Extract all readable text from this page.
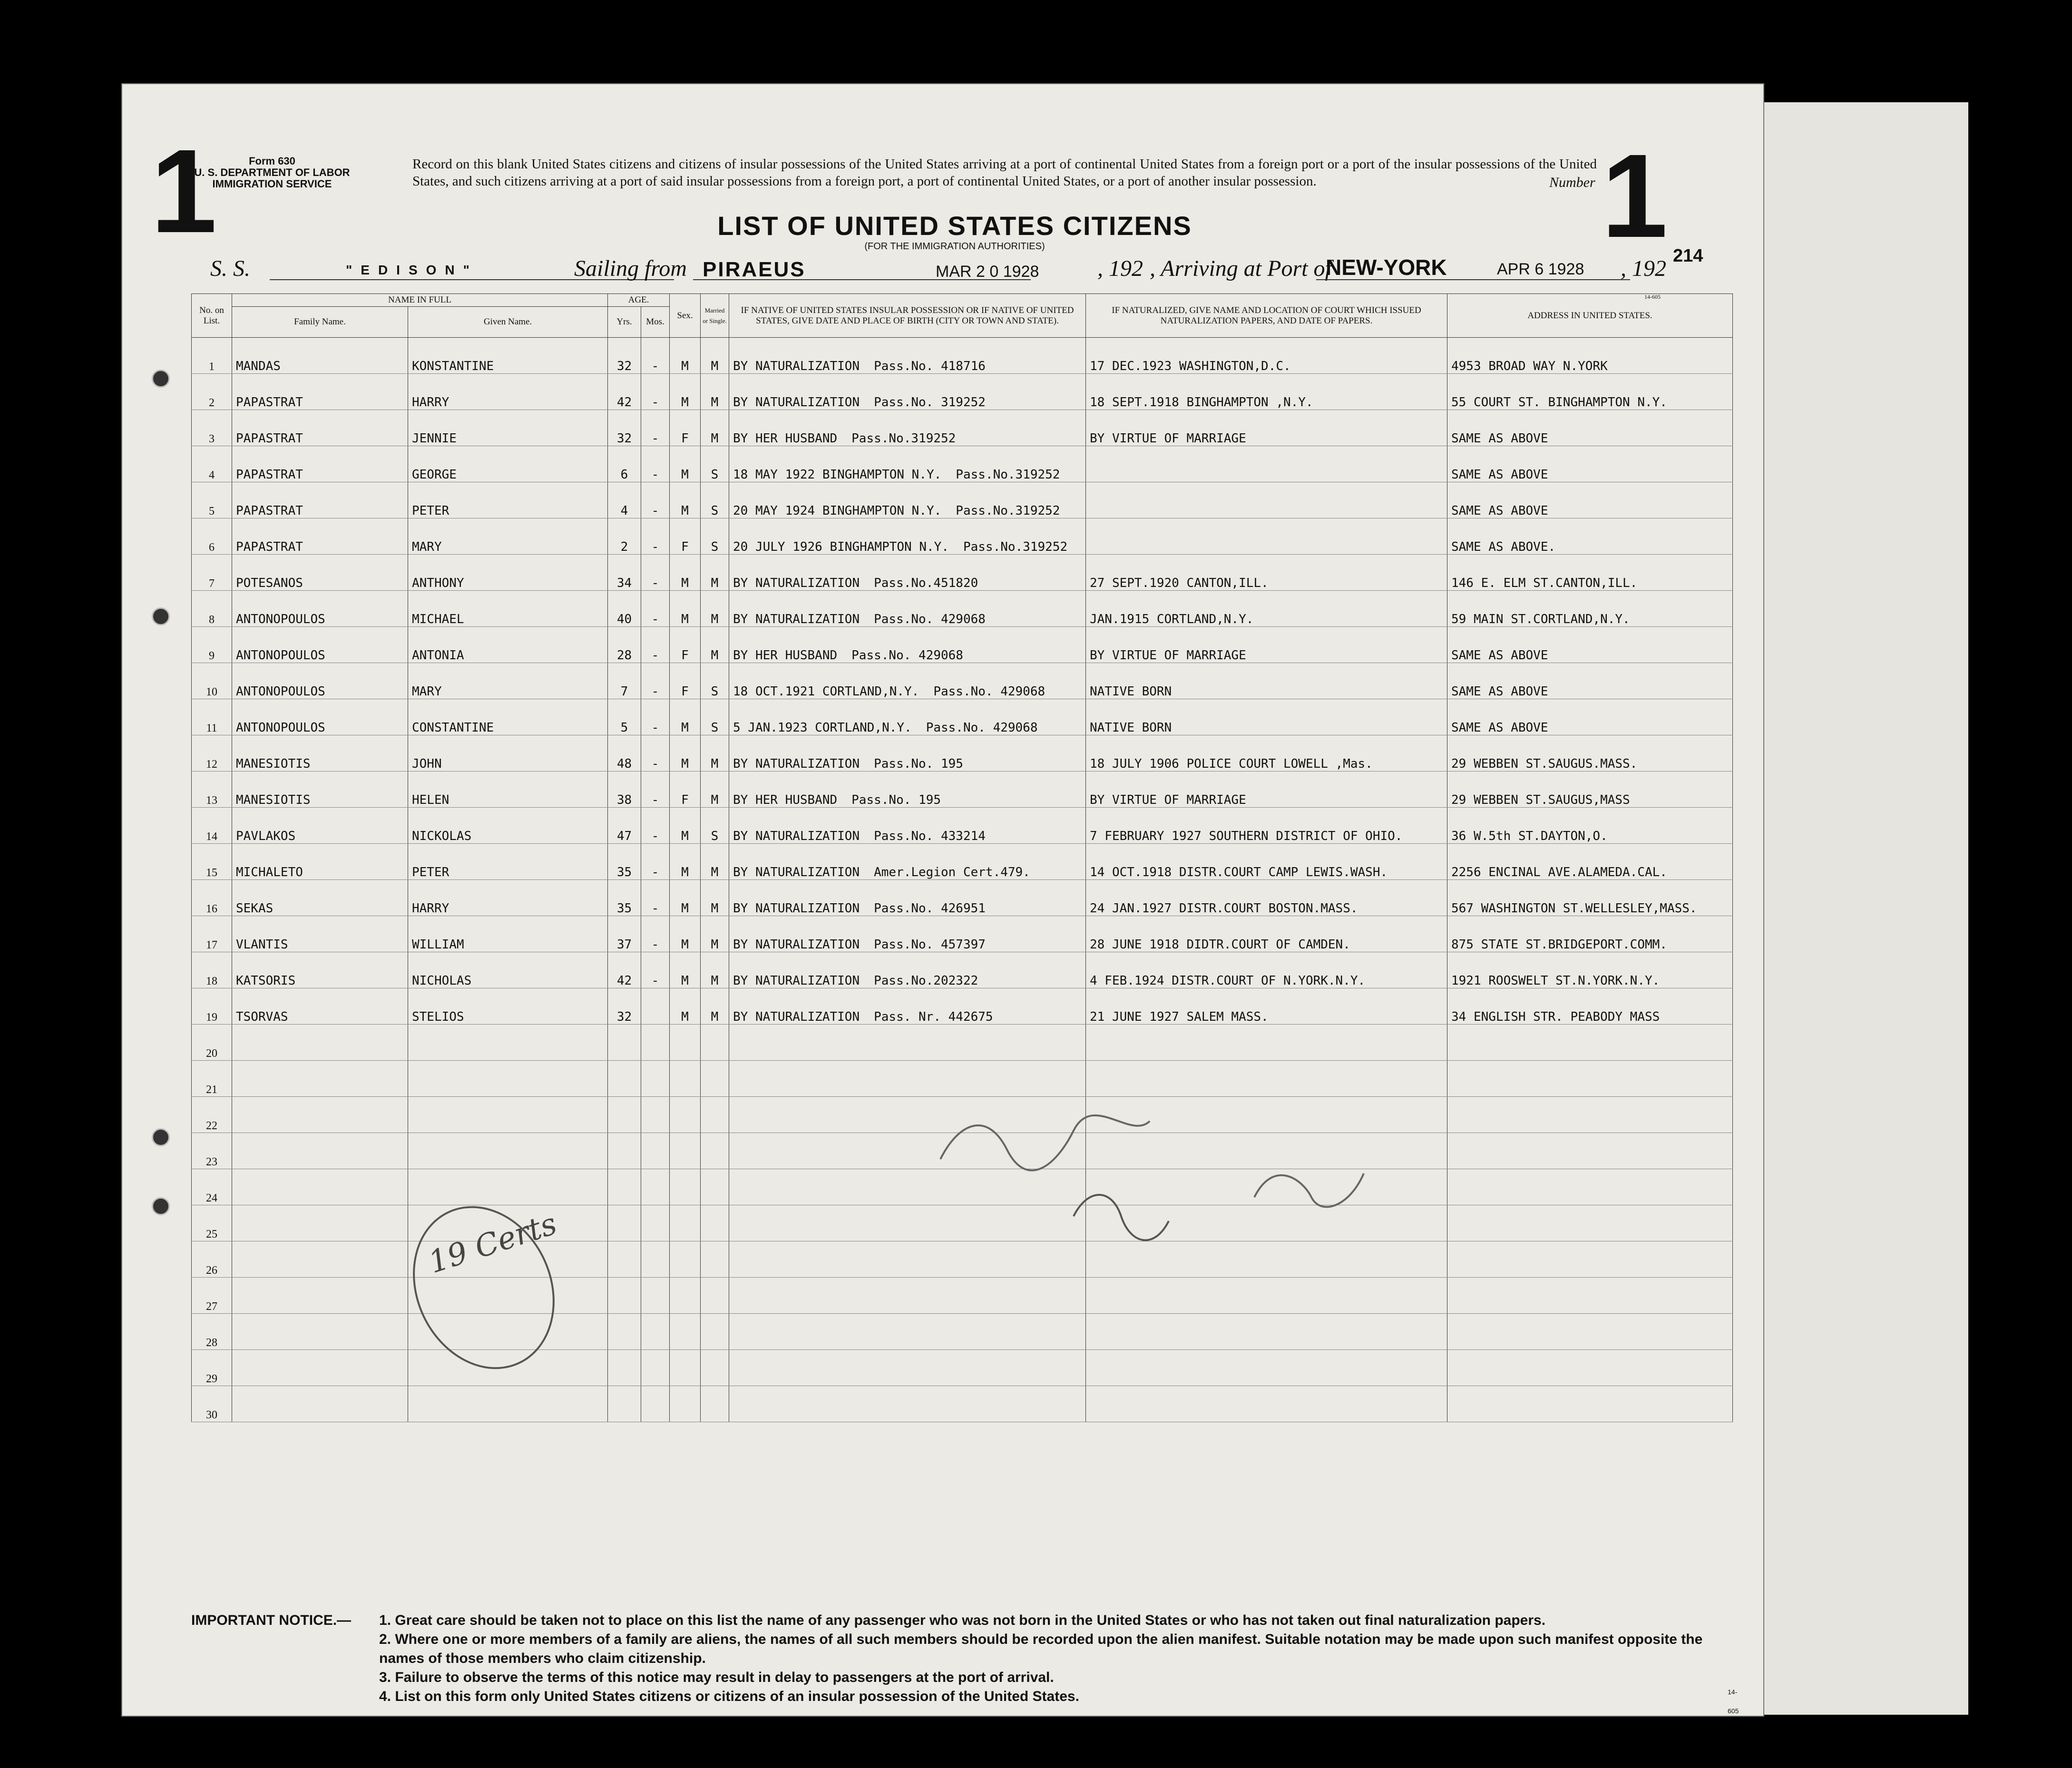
1	Form 630
U. S. DEPARTMENT OF LABOR
IMMIGRATION SERVICE
Record on this blank United States citizens and citizens of insular possessions of the United States arriving at a port of continental United States from a foreign port or a port of the insular possessions of the United States, and such citizens arriving at a port of said insular possessions from a foreign port, a port of continental United States, or a port of another insular possession.	Number 1
LIST OF UNITED STATES CITIZENS
(FOR THE IMMIGRATION AUTHORITIES)	214
S. S.	"EDISON"	Sailing from PIRAEUS	MAR 2 0 1928	, 192 , Arriving at Port of
NEW-YORK	APR 6 1928 , 192
14-605
No. on List.	NAME IN FULL		AGE.		Sex.	Married or Single.	IF NATIVE OF UNITED STATES INSULAR POSSESSION OR IF NATIVE OF UNITED STATES, GIVE DATE AND PLACE OF BIRTH (CITY OR TOWN AND STATE).	IF NATURALIZED, GIVE NAME AND LOCATION OF COURT WHICH ISSUED NATURALIZATION PAPERS, AND DATE OF PAPERS.	ADDRESS IN UNITED STATES.
	Family Name.	Given Name.	Yrs.	Mos.					
1	MANDAS	KONSTANTINE	32	-	M	M	BY NATURALIZATION Pass.No. 418716	17 DEC.1923 WASHINGTON,D.C.	4953 BROAD WAY N.YORK
2	PAPASTRAT	HARRY	42	-	M	M	BY NATURALIZATION Pass.No. 319252	18 SEPT.1918 BINGHAMPTON ,N.Y.	55 COURT ST. BINGHAMPTON N.Y.
3	PAPASTRAT	JENNIE	32	-	F	M	BY HER HUSBAND Pass.No.319252	BY VIRTUE OF MARRIAGE	SAME AS ABOVE
4	PAPASTRAT	GEORGE	6	-	M	S	18 MAY 1922 BINGHAMPTON N.Y. Pass.No.319252		SAME AS ABOVE
5	PAPASTRAT	PETER	4	-	M	S	20 MAY 1924 BINGHAMPTON N.Y. Pass.No.319252		SAME AS ABOVE
6	PAPASTRAT	MARY	2	-	F	S	20 JULY 1926 BINGHAMPTON N.Y. Pass.No.319252		SAME AS ABOVE.
7	POTESANOS	ANTHONY	34	-	M	M	BY NATURALIZATION Pass.No.451820	27 SEPT.1920 CANTON,ILL.	146 E. ELM ST.CANTON,ILL.
8	ANTONOPOULOS	MICHAEL	40	-	M	M	BY NATURALIZATION Pass.No. 429068	JAN.1915 CORTLAND,N.Y.	59 MAIN ST.CORTLAND,N.Y.
9	ANTONOPOULOS	ANTONIA	28	-	F	M	BY HER HUSBAND Pass.No. 429068	BY VIRTUE OF MARRIAGE	SAME AS ABOVE
10	ANTONOPOULOS	MARY	7	-	F	S	18 OCT.1921 CORTLAND,N.Y. Pass.No. 429068	NATIVE BORN	SAME AS ABOVE
11	ANTONOPOULOS	CONSTANTINE	5	-	M	S	5 JAN.1923 CORTLAND,N.Y. Pass.No. 429068	NATIVE BORN	SAME AS ABOVE
12	MANESIOTIS	JOHN	48	-	M	M	BY NATURALIZATION Pass.No. 195	18 JULY 1906 POLICE COURT LOWELL ,Mas.	29 WEBBEN ST.SAUGUS.MASS.
13	MANESIOTIS	HELEN	38	-	F	M	BY HER HUSBAND Pass.No. 195	BY VIRTUE OF MARRIAGE	29 WEBBEN ST.SAUGUS,MASS
14	PAVLAKOS	NICKOLAS	47	-	M	S	BY NATURALIZATION Pass.No. 433214	7 FEBRUARY 1927 SOUTHERN DISTRICT OF OHIO.	36 W.5th ST.DAYTON,O.
15	MICHALETO	PETER	35	-	M	M	BY NATURALIZATION Amer.Legion Cert.479.	14 OCT.1918 DISTR.COURT CAMP LEWIS.WASH.	2256 ENCINAL AVE.ALAMEDA.CAL.
16	SEKAS	HARRY	35	-	M	M	BY NATURALIZATION Pass.No. 426951	24 JAN.1927 DISTR.COURT BOSTON.MASS.	567 WASHINGTON ST.WELLESLEY,MASS.
17	VLANTIS	WILLIAM	37	-	M	M	BY NATURALIZATION Pass.No. 457397	28 JUNE 1918 DIDTR.COURT OF CAMDEN.	875 STATE ST.BRIDGEPORT.COMM.
18	KATSORIS	NICHOLAS	42	-	M	M	BY NATURALIZATION Pass.No.202322	4 FEB.1924 DISTR.COURT OF N.YORK.N.Y.	1921 ROOSWELT ST.N.YORK.N.Y.
19	TSORVAS	STELIOS	32		M	M	BY NATURALIZATION Pass. Nr. 442675	21 JUNE 1927 SALEM MASS.	34 ENGLISH STR. PEABODY MASS
20							

21							

22							

23							

24							

25							

26							

27							

28							

29							

30							

19 Certs
IMPORTANT NOTICE.— 1. Great care should be taken not to place on this list the name of any passenger who was not born in the United States or who has not taken out final naturalization papers.
2. Where one or more members of a family are aliens, the names of all such members should be recorded upon the alien manifest. Suitable notation may be made upon such manifest opposite the names of those members who claim citizenship.
3. Failure to observe the terms of this notice may result in delay to passengers at the port of arrival.
4. List on this form only United States citizens or citizens of an insular possession of the United States.	14-605
